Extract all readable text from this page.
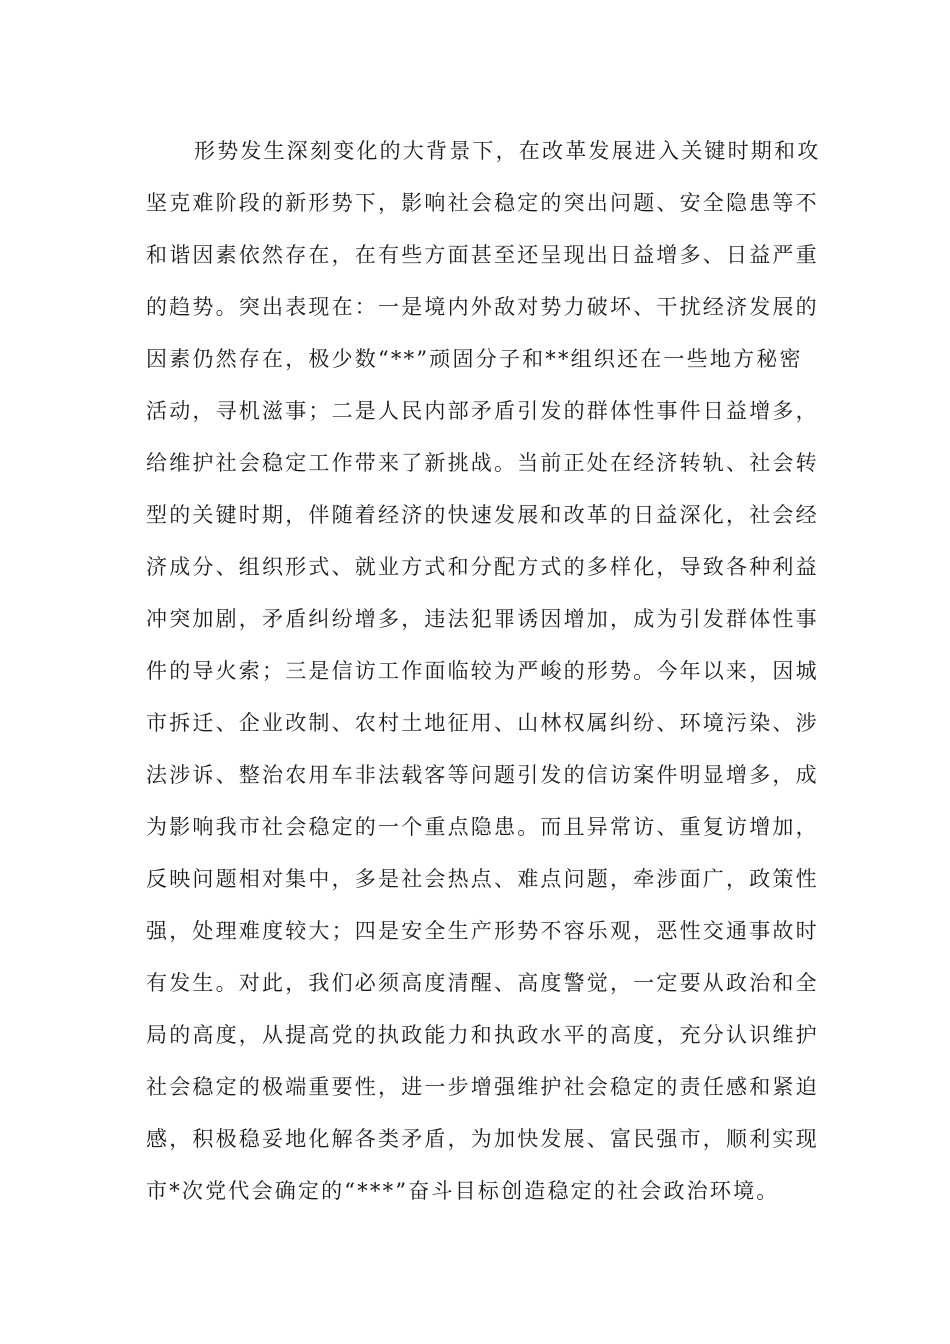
形势发生深刻变化的大背景下，在改革发展进入关键时期和攻
坚克难阶段的新形势下，影响社会稳定的突出问题、安全隐患等不
和谐因素依然存在，在有些方面甚至还呈现出日益增多、日益严重
的趋势。突出表现在：一是境内外敌对势力破坏、干扰经济发展的
因素仍然存在，极少数“**”顽固分子和**组织还在一些地方秘密
活动，寻机滋事；二是人民内部矛盾引发的群体性事件日益增多，
给维护社会稳定工作带来了新挑战。当前正处在经济转轨、社会转
型的关键时期，伴随着经济的快速发展和改革的日益深化，社会经
济成分、组织形式、就业方式和分配方式的多样化，导致各种利益
冲突加剧，矛盾纠纷增多，违法犯罪诱因增加，成为引发群体性事
件的导火索；三是信访工作面临较为严峻的形势。今年以来，因城
市拆迁、企业改制、农村土地征用、山林权属纠纷、环境污染、涉
法涉诉、整治农用车非法载客等问题引发的信访案件明显增多，成
为影响我市社会稳定的一个重点隐患。而且异常访、重复访增加，
反映问题相对集中，多是社会热点、难点问题，牵涉面广，政策性
强，处理难度较大；四是安全生产形势不容乐观，恶性交通事故时
有发生。对此，我们必须高度清醒、高度警觉，一定要从政治和全
局的高度，从提高党的执政能力和执政水平的高度，充分认识维护
社会稳定的极端重要性，进一步增强维护社会稳定的责任感和紧迫
感，积极稳妥地化解各类矛盾，为加快发展、富民强市，顺利实现
市*次党代会确定的“***”奋斗目标创造稳定的社会政治环境。
